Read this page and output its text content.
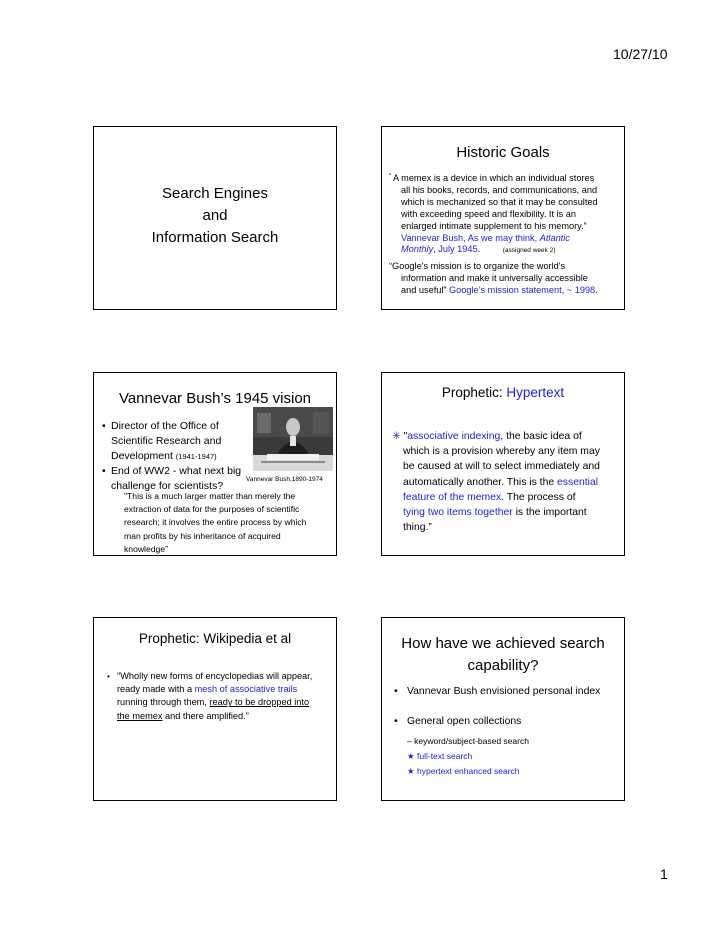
10/27/10
1
Search Engines
and
Information Search
Historic Goals
“ A memex is a device in which an individual stores
all his books, records, and communications, and
which is mechanized so that it may be consulted
with exceeding speed and flexibility. It is an
enlarged intimate supplement to his memory.”
Vannevar Bush, As we may think, Atlantic
Monthly, July 1945.	(assigned week 2)
“Google's mission is to organize the world's
information and make it universally accessible
and useful” Google’s mission statement, ~ 1998.
Vannevar Bush’s 1945 vision
• Director of the Office of
Scientific Research and
Development (1941-1947)
• End of WW2 - what next big
challenge for scientists?
Vannevar Bush,1890-1974
"This is a much larger matter than merely the
extraction of data for the purposes of scientific
research; it involves the entire process by which
man profits by his inheritance of acquired
knowledge”
Prophetic: Hypertext
✳ "associative indexing, the basic idea of
which is a provision whereby any item may
be caused at will to select immediately and
automatically another. This is the essential
feature of the memex. The process of
tying two items together is the important
thing.”
Prophetic: Wikipedia et al
• "Wholly new forms of encyclopedias will appear,
ready made with a mesh of associative trails
running through them, ready to be dropped into
the memex and there amplified.”
How have we achieved search
capability?
• Vannevar Bush envisioned personal index
• General open collections
– keyword/subject-based search
★ full-text search
★ hypertext enhanced search
